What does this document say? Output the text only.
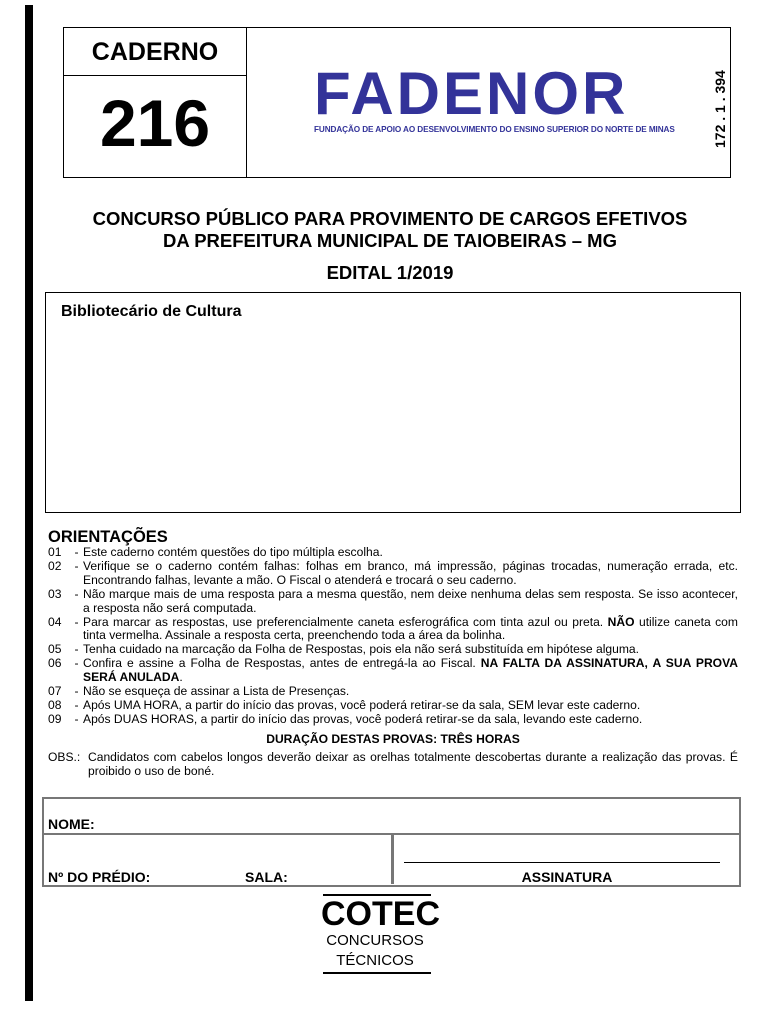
CADERNO
216	FADENOR
FUNDAÇÃO DE APOIO AO DESENVOLVIMENTO DO ENSINO SUPERIOR DO NORTE DE MINAS	172 . 1 . 394
CONCURSO PÚBLICO PARA PROVIMENTO DE CARGOS EFETIVOS
DA PREFEITURA MUNICIPAL DE TAIOBEIRAS – MG
EDITAL 1/2019
Bibliotecário de Cultura
ORIENTAÇÕES
01	- Este caderno contém questões do tipo múltipla escolha.
02	- Verifique se o caderno contém falhas: folhas em branco, má impressão, páginas trocadas, numeração errada, etc. Encontrando falhas, levante a mão. O Fiscal o atenderá e trocará o seu caderno.
03	- Não marque mais de uma resposta para a mesma questão, nem deixe nenhuma delas sem resposta. Se isso acontecer, a resposta não será computada.
04	- Para marcar as respostas, use preferencialmente caneta esferográfica com tinta azul ou preta. NÃO utilize caneta com tinta vermelha. Assinale a resposta certa, preenchendo toda a área da bolinha.
05	- Tenha cuidado na marcação da Folha de Respostas, pois ela não será substituída em hipótese alguma.
06	- Confira e assine a Folha de Respostas, antes de entregá-la ao Fiscal. NA FALTA DA ASSINATURA, A SUA PROVA SERÁ ANULADA.
07	- Não se esqueça de assinar a Lista de Presenças.
08	- Após UMA HORA, a partir do início das provas, você poderá retirar-se da sala, SEM levar este caderno.
09	- Após DUAS HORAS, a partir do início das provas, você poderá retirar-se da sala, levando este caderno.
DURAÇÃO DESTAS PROVAS: TRÊS HORAS
OBS.: Candidatos com cabelos longos deverão deixar as orelhas totalmente descobertas durante a realização das provas. É proibido o uso de boné.
NOME:
Nº DO PRÉDIO:	SALA:	ASSINATURA
COTEC
CONCURSOS
TÉCNICOS
